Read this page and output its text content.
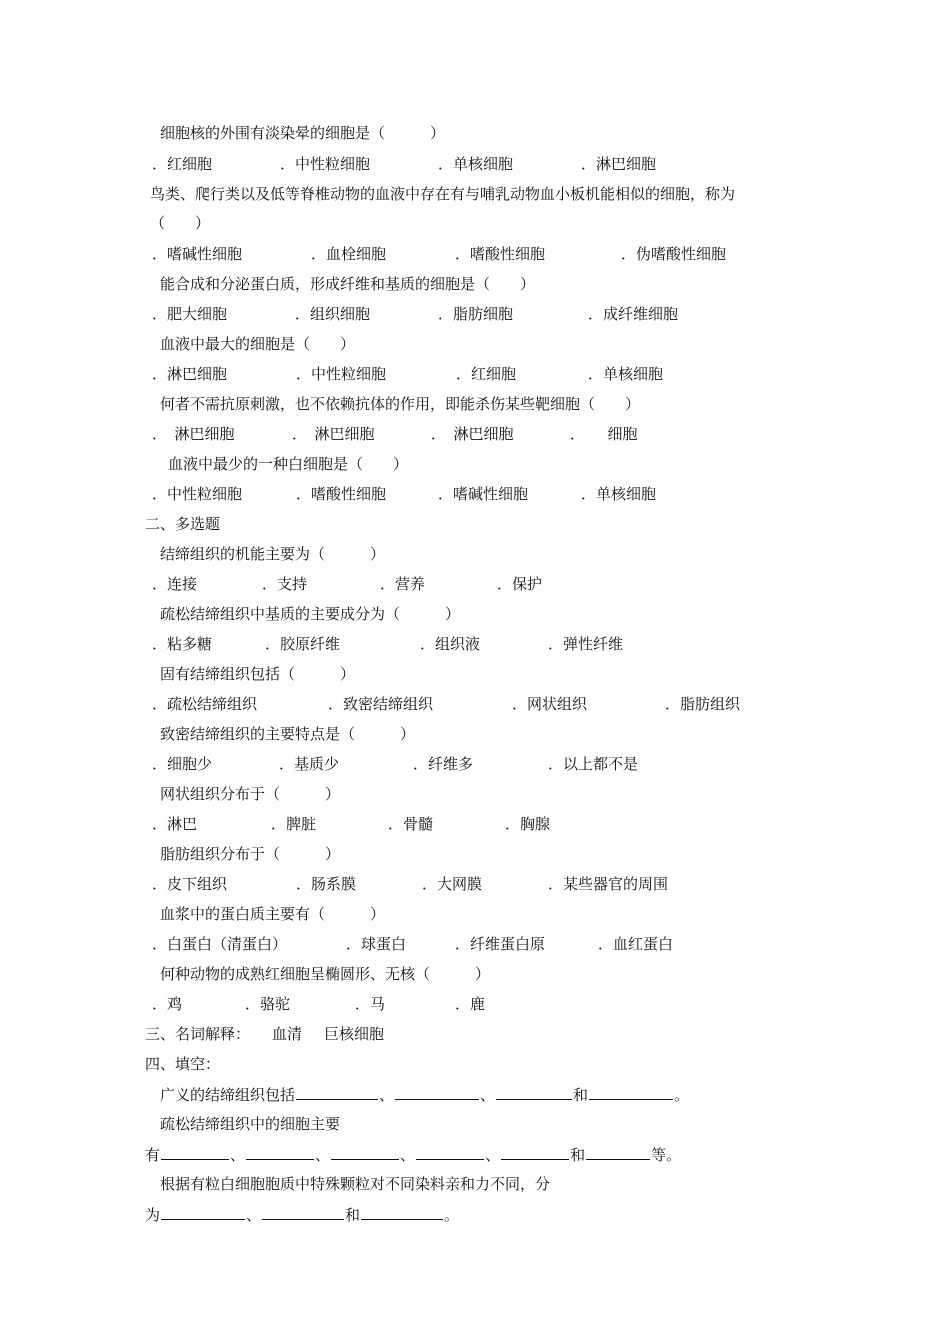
细胞核的外围有淡染晕的细胞是（　　　）
．红细胞	．中性粒细胞	．单核细胞	．淋巴细胞
鸟类、爬行类以及低等脊椎动物的血液中存在有与哺乳动物血小板机能相似的细胞，称为
（　　）
．嗜碱性细胞	．血栓细胞	．嗜酸性细胞	．伪嗜酸性细胞
能合成和分泌蛋白质，形成纤维和基质的细胞是（　　）
．肥大细胞	．组织细胞	．脂肪细胞	．成纤维细胞
血液中最大的细胞是（　　）
．淋巴细胞	．中性粒细胞	．红细胞	．单核细胞
何者不需抗原刺激，也不依赖抗体的作用，即能杀伤某些靶细胞（　　）
．　淋巴细胞	．　淋巴细胞	．　淋巴细胞	．　　细胞
血液中最少的一种白细胞是（　　）
．中性粒细胞	．嗜酸性细胞	．嗜碱性细胞	．单核细胞
二、多选题
结缔组织的机能主要为（　　　）
．连接	．支持	．营养	．保护
疏松结缔组织中基质的主要成分为（　　　）
．粘多糖	．胶原纤维	．组织液	．弹性纤维
固有结缔组织包括（　　　）
．疏松结缔组织	．致密结缔组织	．网状组织	．脂肪组织
致密结缔组织的主要特点是（　　　）
．细胞少	．基质少	．纤维多	．以上都不是
网状组织分布于（　　　）
．淋巴	．脾脏	．骨髓	．胸腺
脂肪组织分布于（　　　）
．皮下组织	．肠系膜	．大网膜	．某些器官的周围
血浆中的蛋白质主要有（　　　）
．白蛋白（清蛋白）	．球蛋白	．纤维蛋白原	．血红蛋白
何种动物的成熟红细胞呈椭圆形、无核（　　　）
．鸡	．骆驼	．马	．鹿
三、名词解释： 血清 巨核细胞
四、填空：
广义的结缔组织包括	、	、	和	。
疏松结缔组织中的细胞主要
有	、	、	、	、	和	等。
根据有粒白细胞胞质中特殊颗粒对不同染料亲和力不同，分
为	、	和	。
